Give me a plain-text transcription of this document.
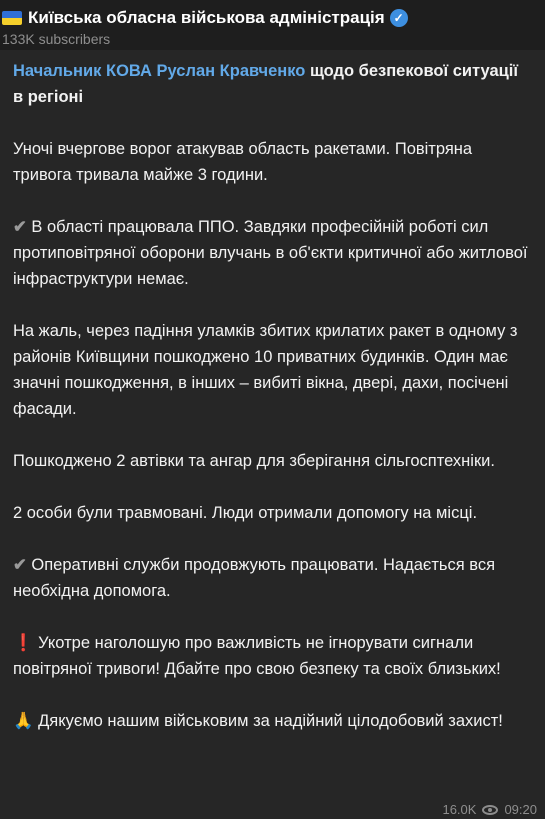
Київська обласна військова адміністрація ✓
133K subscribers

Начальник КОВА Руслан Кравченко щодо безпекової ситуації в регіоні

Уночі вчергове ворог атакував область ракетами. Повітряна тривога тривала майже 3 години.

✔ В області працювала ППО. Завдяки професійній роботі сил протиповітряної оборони влучань в об'єкти критичної або житлової інфраструктури немає.

На жаль, через падіння уламків збитих крилатих ракет в одному з районів Київщини пошкоджено 10 приватних будинків. Один має значні пошкодження, в інших – вибиті вікна, двері, дахи, посічені фасади.

Пошкоджено 2 автівки та ангар для зберігання сільгосптехніки.

2 особи були травмовані. Люди отримали допомогу на місці.

✔ Оперативні служби продовжують працювати. Надається вся необхідна допомога.

❗ Укотре наголошую про важливість не ігнорувати сигнали повітряної тривоги! Дбайте про свою безпеку та своїх близьких!

🙏 Дякуємо нашим військовим за надійний цілодобовий захист!

16.0K 09:20
